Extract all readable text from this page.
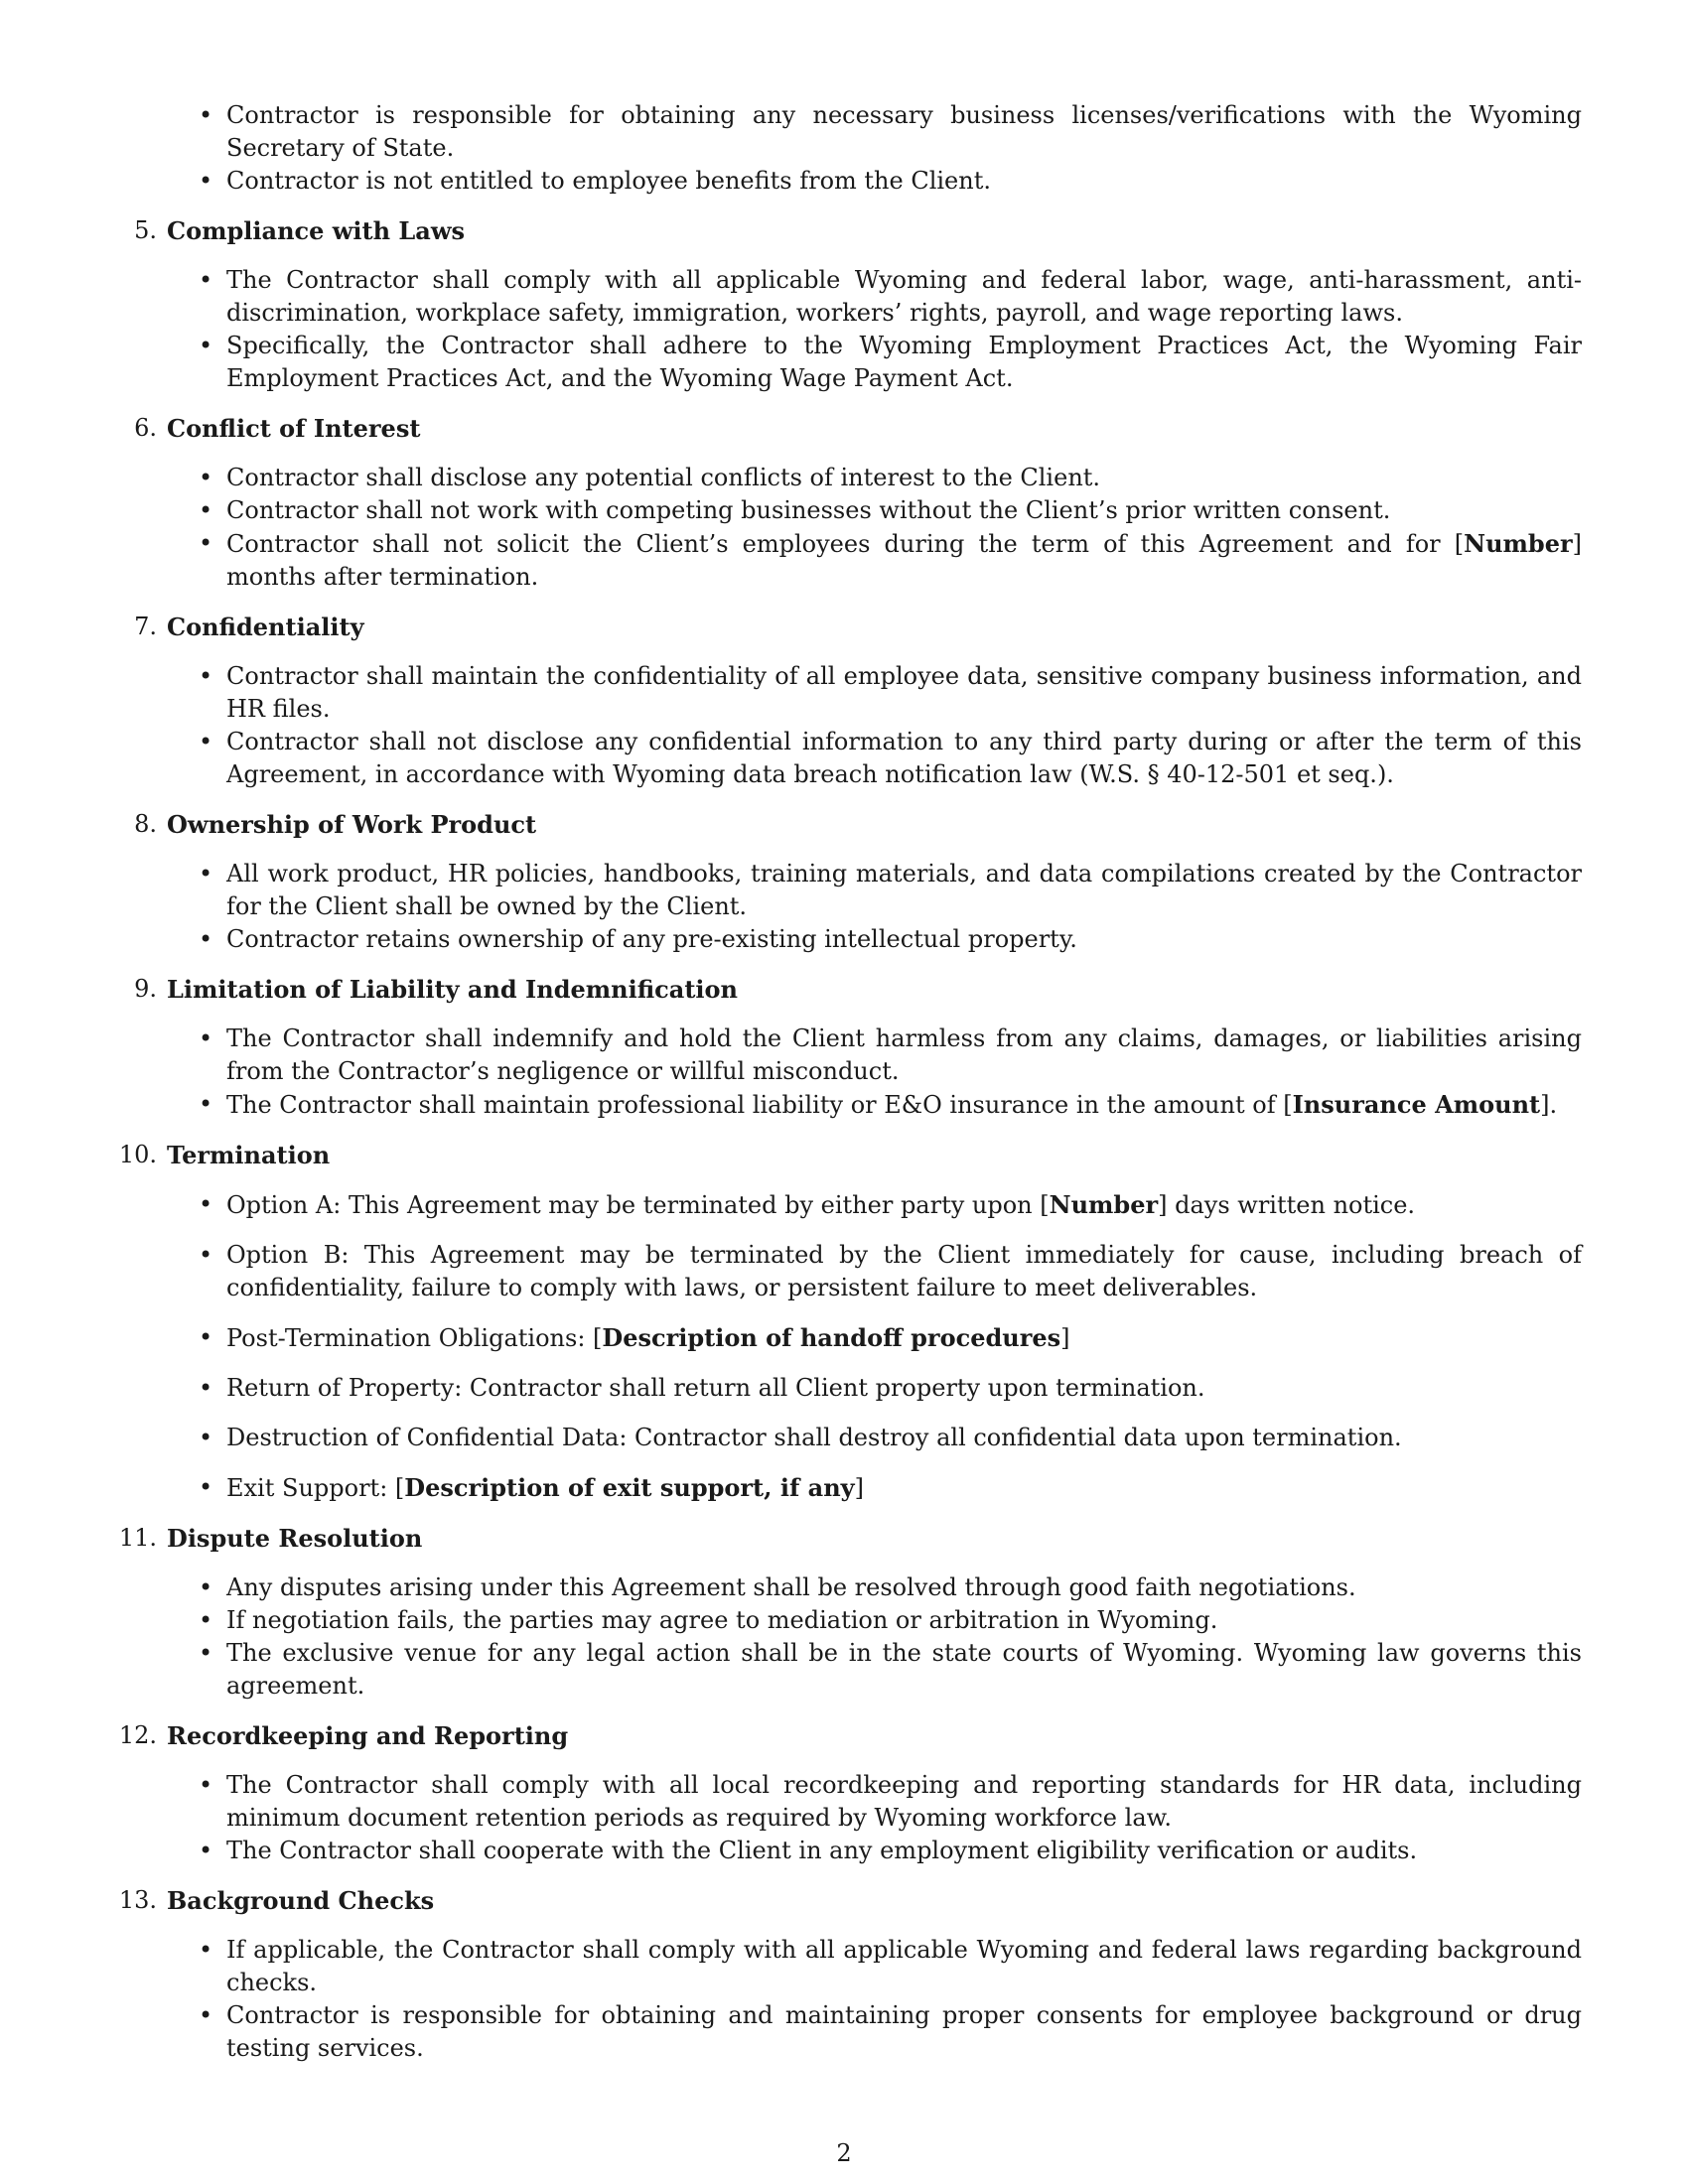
• Contractor is responsible for obtaining any necessary business licenses/verifications with the Wyoming Secretary of State.
• Contractor is not entitled to employee benefits from the Client.
5. Compliance with Laws
• The Contractor shall comply with all applicable Wyoming and federal labor, wage, anti-harassment, anti-discrimination, workplace safety, immigration, workers’ rights, payroll, and wage reporting laws.
• Specifically, the Contractor shall adhere to the Wyoming Employment Practices Act, the Wyoming Fair Employment Practices Act, and the Wyoming Wage Payment Act.
6. Conflict of Interest
• Contractor shall disclose any potential conflicts of interest to the Client.
• Contractor shall not work with competing businesses without the Client’s prior written consent.
• Contractor shall not solicit the Client’s employees during the term of this Agreement and for [Number] months after termination.
7. Confidentiality
• Contractor shall maintain the confidentiality of all employee data, sensitive company business information, and HR files.
• Contractor shall not disclose any confidential information to any third party during or after the term of this Agreement, in accordance with Wyoming data breach notification law (W.S. § 40-12-501 et seq.).
8. Ownership of Work Product
• All work product, HR policies, handbooks, training materials, and data compilations created by the Contractor for the Client shall be owned by the Client.
• Contractor retains ownership of any pre-existing intellectual property.
9. Limitation of Liability and Indemnification
• The Contractor shall indemnify and hold the Client harmless from any claims, damages, or liabilities arising from the Contractor’s negligence or willful misconduct.
• The Contractor shall maintain professional liability or E&O insurance in the amount of [Insurance Amount].
10. Termination
• Option A: This Agreement may be terminated by either party upon [Number] days written notice.
• Option B: This Agreement may be terminated by the Client immediately for cause, including breach of confidentiality, failure to comply with laws, or persistent failure to meet deliverables.
• Post-Termination Obligations: [Description of handoff procedures]
• Return of Property: Contractor shall return all Client property upon termination.
• Destruction of Confidential Data: Contractor shall destroy all confidential data upon termination.
• Exit Support: [Description of exit support, if any]
11. Dispute Resolution
• Any disputes arising under this Agreement shall be resolved through good faith negotiations.
• If negotiation fails, the parties may agree to mediation or arbitration in Wyoming.
• The exclusive venue for any legal action shall be in the state courts of Wyoming. Wyoming law governs this agreement.
12. Recordkeeping and Reporting
• The Contractor shall comply with all local recordkeeping and reporting standards for HR data, including minimum document retention periods as required by Wyoming workforce law.
• The Contractor shall cooperate with the Client in any employment eligibility verification or audits.
13. Background Checks
• If applicable, the Contractor shall comply with all applicable Wyoming and federal laws regarding background checks.
• Contractor is responsible for obtaining and maintaining proper consents for employee background or drug testing services.
2
